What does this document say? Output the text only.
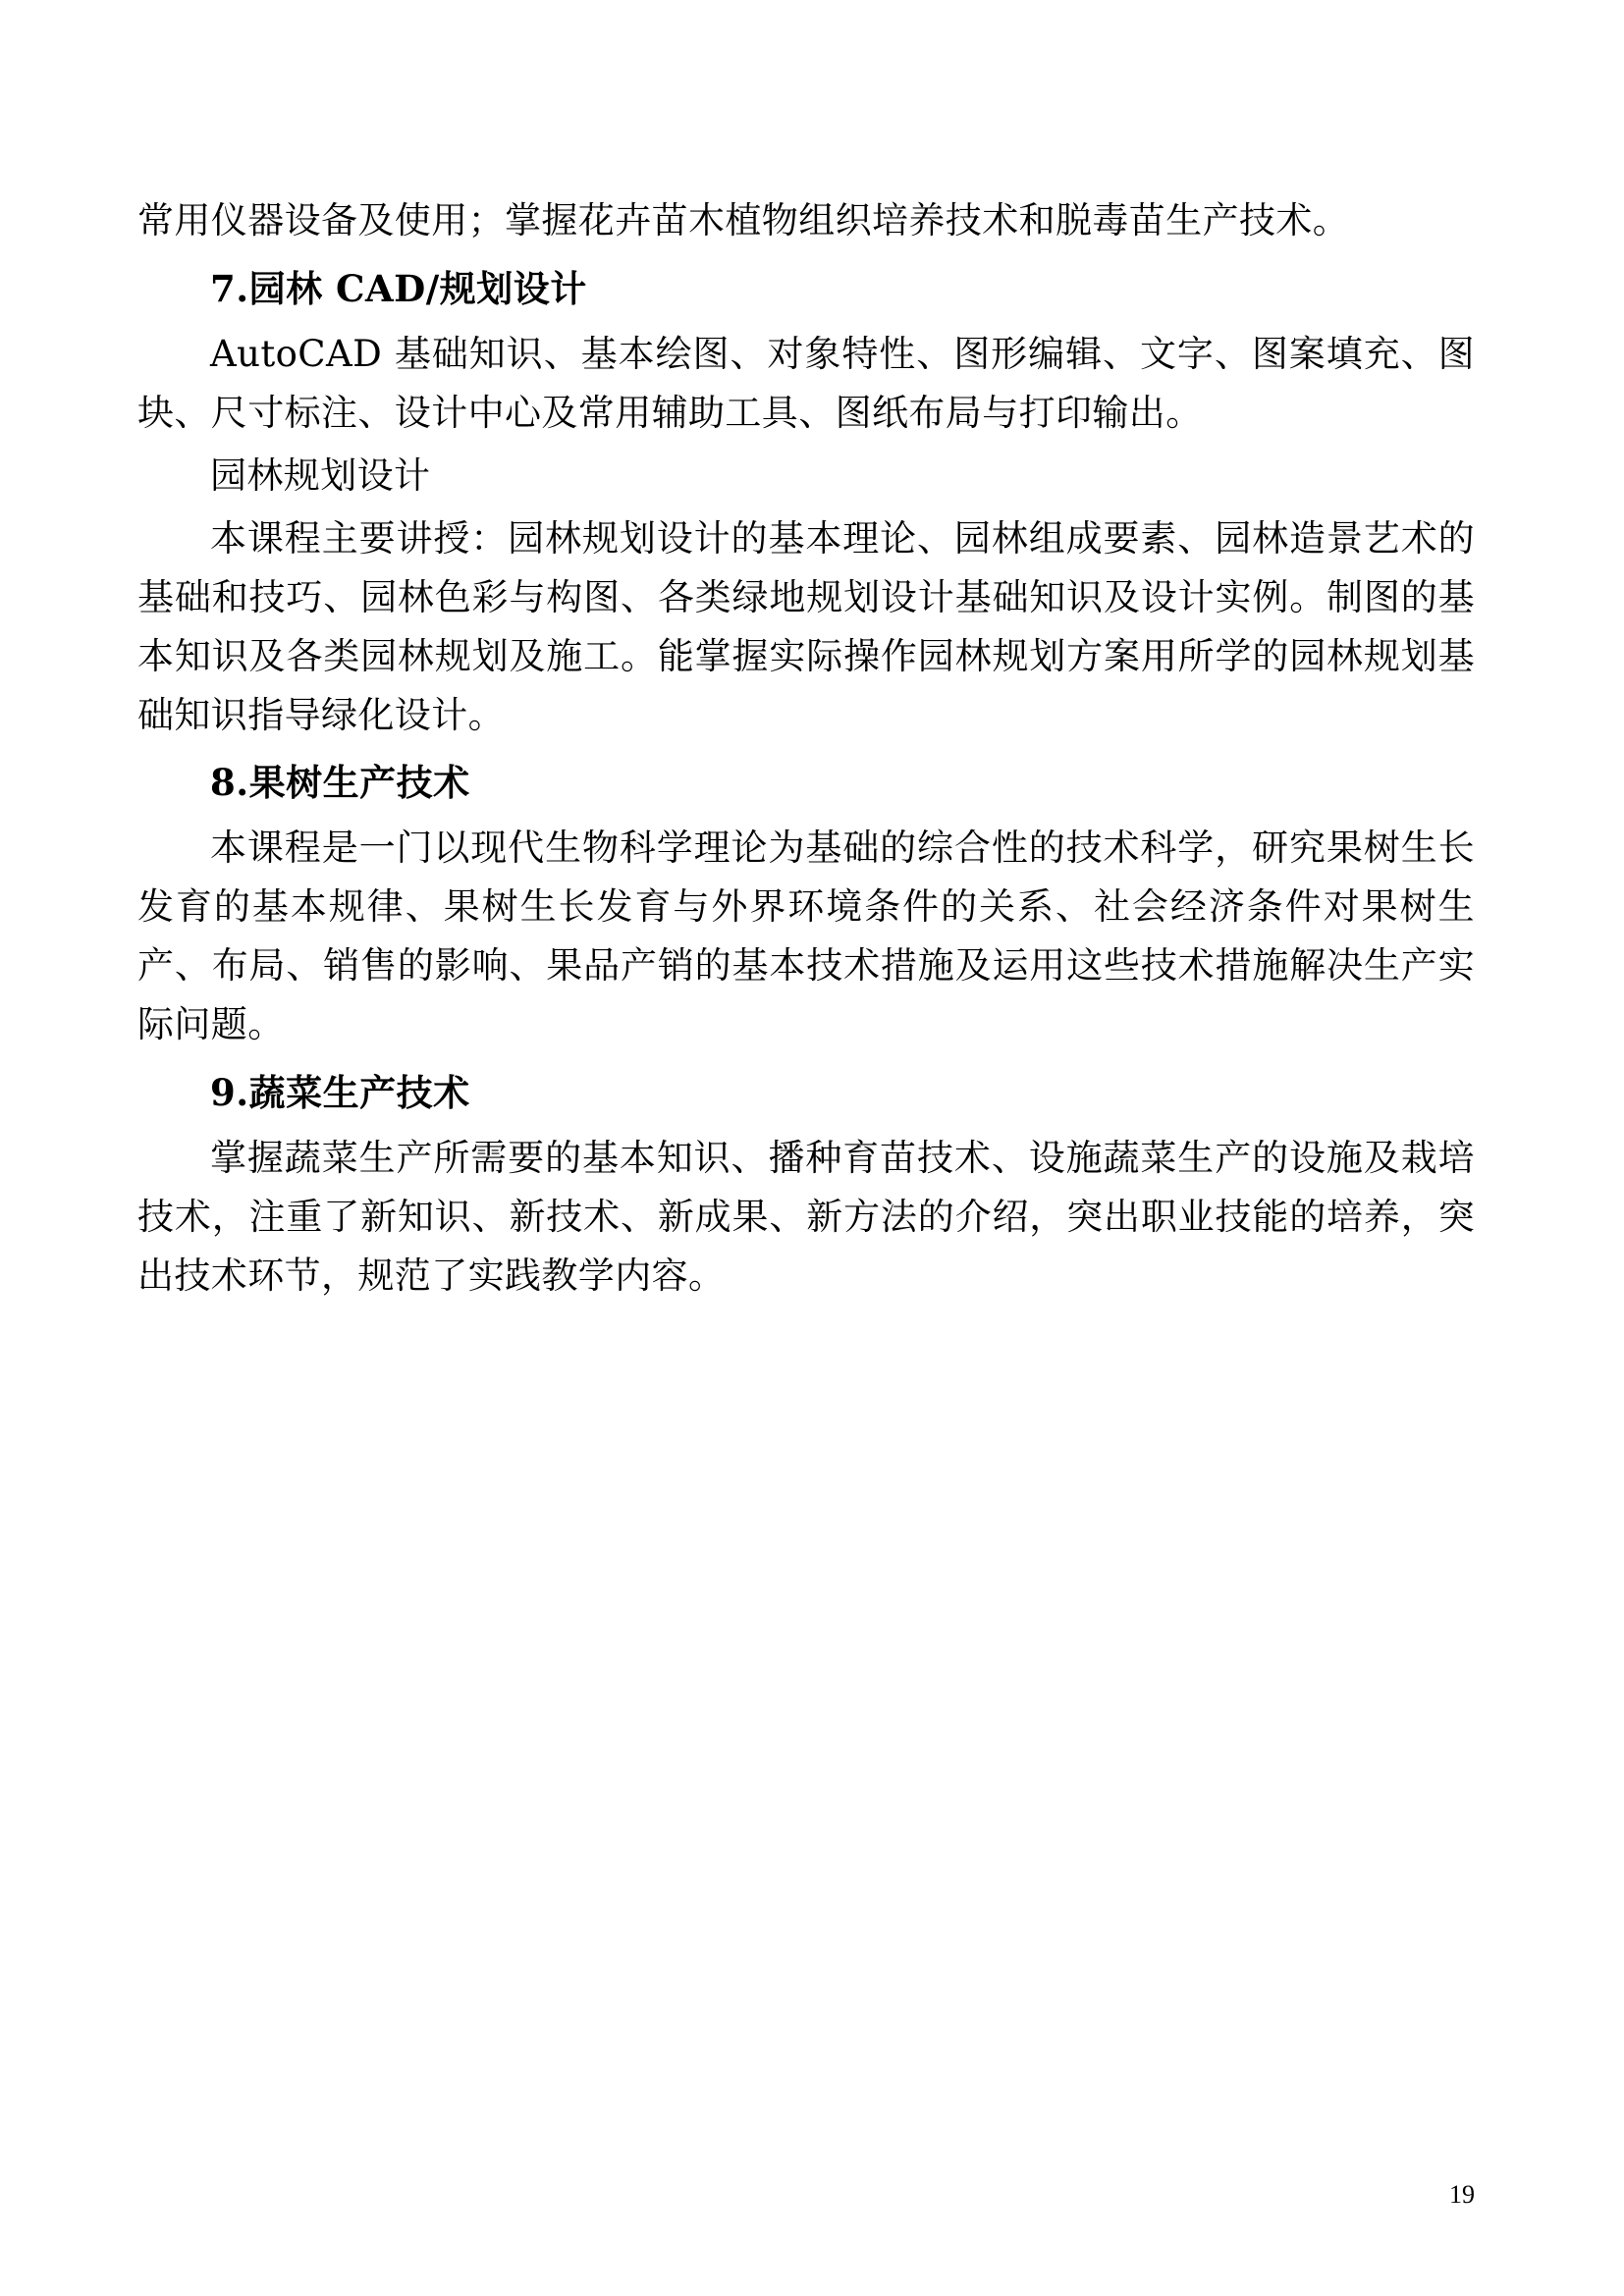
常用仪器设备及使用；掌握花卉苗木植物组织培养技术和脱毒苗生产技术。

7.园林 CAD/规划设计

AutoCAD 基础知识、基本绘图、对象特性、图形编辑、文字、图案填充、图块、尺寸标注、设计中心及常用辅助工具、图纸布局与打印输出。

园林规划设计

本课程主要讲授：园林规划设计的基本理论、园林组成要素、园林造景艺术的基础和技巧、园林色彩与构图、各类绿地规划设计基础知识及设计实例。制图的基本知识及各类园林规划及施工。能掌握实际操作园林规划方案用所学的园林规划基础知识指导绿化设计。

8.果树生产技术

本课程是一门以现代生物科学理论为基础的综合性的技术科学，研究果树生长发育的基本规律、果树生长发育与外界环境条件的关系、社会经济条件对果树生产、布局、销售的影响、果品产销的基本技术措施及运用这些技术措施解决生产实际问题。

9.蔬菜生产技术

掌握蔬菜生产所需要的基本知识、播种育苗技术、设施蔬菜生产的设施及栽培技术，注重了新知识、新技术、新成果、新方法的介绍，突出职业技能的培养，突出技术环节，规范了实践教学内容。

19
